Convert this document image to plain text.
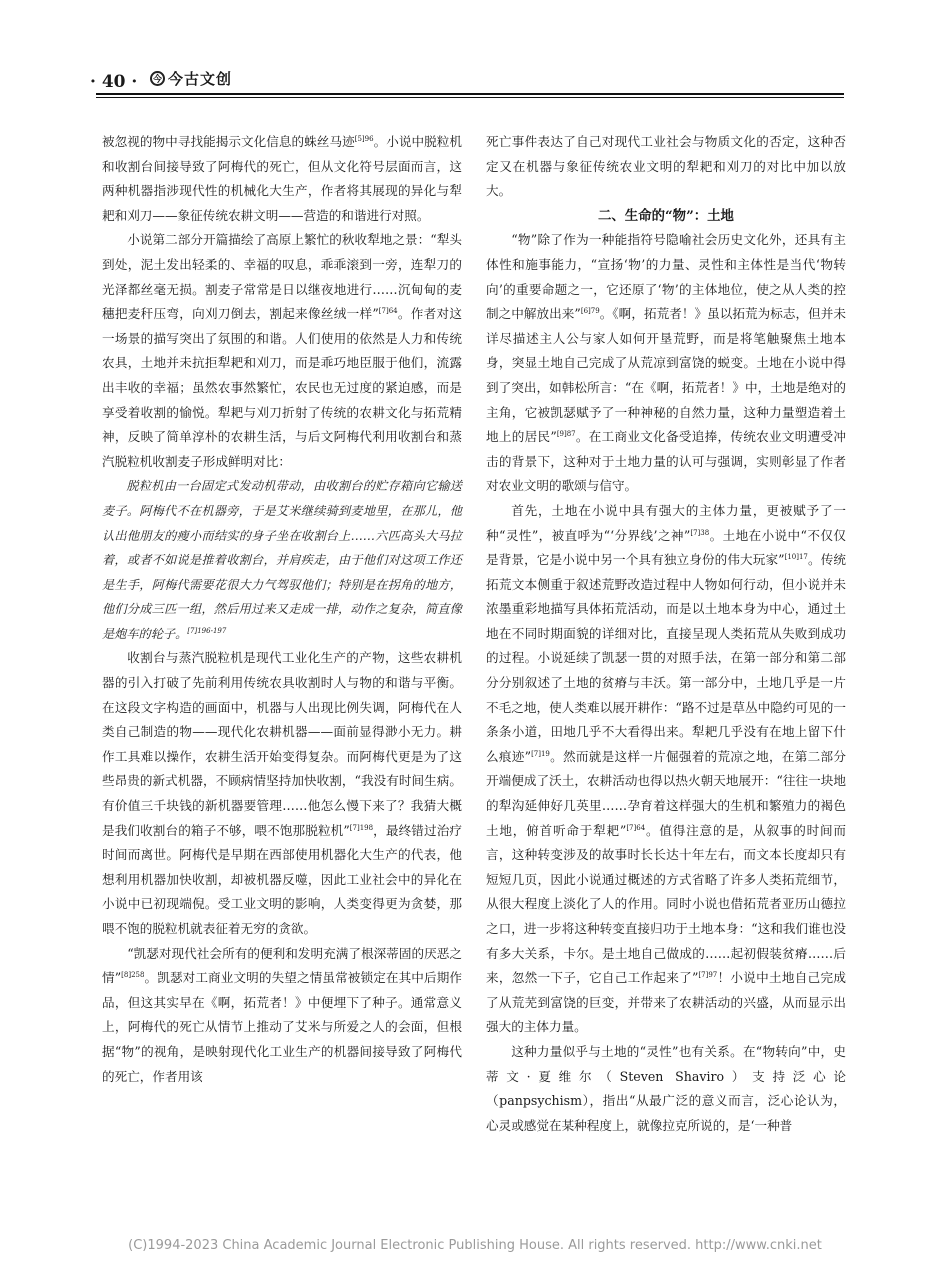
· 40 ·	今 今古文创

被忽视的物中寻找能揭示文化信息的蛛丝马迹$^{[5]96}$。小说中脱粒机和收割台间接导致了阿梅代的死亡，但从文化符号层面而言，这两种机器指涉现代性的机械化大生产，作者将其展现的异化与犁耙和刈刀——象征传统农耕文明——营造的和谐进行对照。

小说第二部分开篇描绘了高原上繁忙的秋收犁地之景：“犁头到处，泥土发出轻柔的、幸福的叹息，乖乖滚到一旁，连犁刀的光泽都丝毫无损。割麦子常常是日以继夜地进行……沉甸甸的麦穗把麦秆压弯，向刈刀倒去，割起来像丝绒一样”$^{[7]64}$。作者对这一场景的描写突出了氛围的和谐。人们使用的依然是人力和传统农具，土地并未抗拒犁耙和刈刀，而是乖巧地臣服于他们，流露出丰收的幸福；虽然农事然繁忙，农民也无过度的紧迫感，而是享受着收割的愉悦。犁耙与刈刀折射了传统的农耕文化与拓荒精神，反映了简单淳朴的农耕生活，与后文阿梅代利用收割台和蒸汽脱粒机收割麦子形成鲜明对比：

脱粒机由一台固定式发动机带动，由收割台的贮存箱向它输送麦子。阿梅代不在机器旁，于是艾米继续骑到麦地里，在那儿，他认出他朋友的瘦小而结实的身子坐在收割台上……六匹高头大马拉着，或者不如说是推着收割台，并肩疾走，由于他们对这项工作还是生手，阿梅代需要花很大力气驾驭他们；特别是在拐角的地方，他们分成三匹一组，然后用过来又走成一排，动作之复杂，简直像是炮车的轮子。$^{[7]196-197}$

收割台与蒸汽脱粒机是现代工业化生产的产物，这些农耕机器的引入打破了先前利用传统农具收割时人与物的和谐与平衡。在这段文字构造的画面中，机器与人出现比例失调，阿梅代在人类自己制造的物——现代化农耕机器——面前显得渺小无力。耕作工具难以操作，农耕生活开始变得复杂。而阿梅代更是为了这些昂贵的新式机器，不顾病情坚持加快收割，“我没有时间生病。有价值三千块钱的新机器要管理……他怎么慢下来了？我猜大概是我们收割台的箱子不够，喂不饱那脱粒机”$^{[7]198}$，最终错过治疗时间而离世。阿梅代是早期在西部使用机器化大生产的代表，他想利用机器加快收割，却被机器反噬，因此工业社会中的异化在小说中已初现端倪。受工业文明的影响，人类变得更为贪婪，那喂不饱的脱粒机就表征着无穷的贪欲。

“凯瑟对现代社会所有的便利和发明充满了根深蒂固的厌恶之情”$^{[8]258}$。凯瑟对工商业文明的失望之情虽常被锁定在其中后期作品，但这其实早在《啊，拓荒者！》中便埋下了种子。通常意义上，阿梅代的死亡从情节上推动了艾米与所爱之人的会面，但根据“物”的视角，是映射现代化工业生产的机器间接导致了阿梅代的死亡，作者用该

死亡事件表达了自己对现代工业社会与物质文化的否定，这种否定又在机器与象征传统农业文明的犁耙和刈刀的对比中加以放大。

二、生命的“物”：土地

“物”除了作为一种能指符号隐喻社会历史文化外，还具有主体性和施事能力，“宣扬‘物’的力量、灵性和主体性是当代‘物转向’的重要命题之一，它还原了‘物’的主体地位，使之从人类的控制之中解放出来”$^{[6]79}$。《啊，拓荒者！》虽以拓荒为标志，但并未详尽描述主人公与家人如何开垦荒野，而是将笔触聚焦土地本身，突显土地自己完成了从荒凉到富饶的蜕变。土地在小说中得到了突出，如韩松所言：“在《啊，拓荒者！》中，土地是绝对的主角，它被凯瑟赋予了一种神秘的自然力量，这种力量塑造着土地上的居民”$^{[9]87}$。在工商业文化备受追捧，传统农业文明遭受冲击的背景下，这种对于土地力量的认可与强调，实则彰显了作者对农业文明的歌颂与信守。

首先，土地在小说中具有强大的主体力量，更被赋予了一种“灵性”，被直呼为“‘分界线’之神”$^{[7]38}$。土地在小说中“不仅仅是背景，它是小说中另一个具有独立身份的伟大玩家”$^{[10]17}$。传统拓荒文本侧重于叙述荒野改造过程中人物如何行动，但小说并未浓墨重彩地描写具体拓荒活动，而是以土地本身为中心，通过土地在不同时期面貌的详细对比，直接呈现人类拓荒从失败到成功的过程。小说延续了凯瑟一贯的对照手法，在第一部分和第二部分分别叙述了土地的贫瘠与丰沃。第一部分中，土地几乎是一片不毛之地，使人类难以展开耕作：“路不过是草丛中隐约可见的一条条小道，田地几乎不大看得出来。犁耙几乎没有在地上留下什么痕迹”$^{[7]19}$。然而就是这样一片倔强着的荒凉之地，在第二部分开端便成了沃土，农耕活动也得以热火朝天地展开：“往往一块地的犁沟延伸好几英里……孕育着这样强大的生机和繁殖力的褐色土地，俯首听命于犁耙”$^{[7]64}$。值得注意的是，从叙事的时间而言，这种转变涉及的故事时长长达十年左右，而文本长度却只有短短几页，因此小说通过概述的方式省略了许多人类拓荒细节，从很大程度上淡化了人的作用。同时小说也借拓荒者亚历山德拉之口，进一步将这种转变直接归功于土地本身：“这和我们谁也没有多大关系，卡尔。是土地自己做成的……起初假装贫瘠……后来，忽然一下子，它自己工作起来了”$^{[7]97}$！小说中土地自己完成了从荒芜到富饶的巨变，并带来了农耕活动的兴盛，从而显示出强大的主体力量。

这种力量似乎与土地的“灵性”也有关系。在“物转向”中，史蒂文·夏维尔（Steven Shaviro）支持泛心论（panpsychism），指出“从最广泛的意义而言，泛心论认为，心灵或感觉在某种程度上，就像拉克所说的，是‘一种普

(C)1994-2023 China Academic Journal Electronic Publishing House. All rights reserved. http://www.cnki.net
